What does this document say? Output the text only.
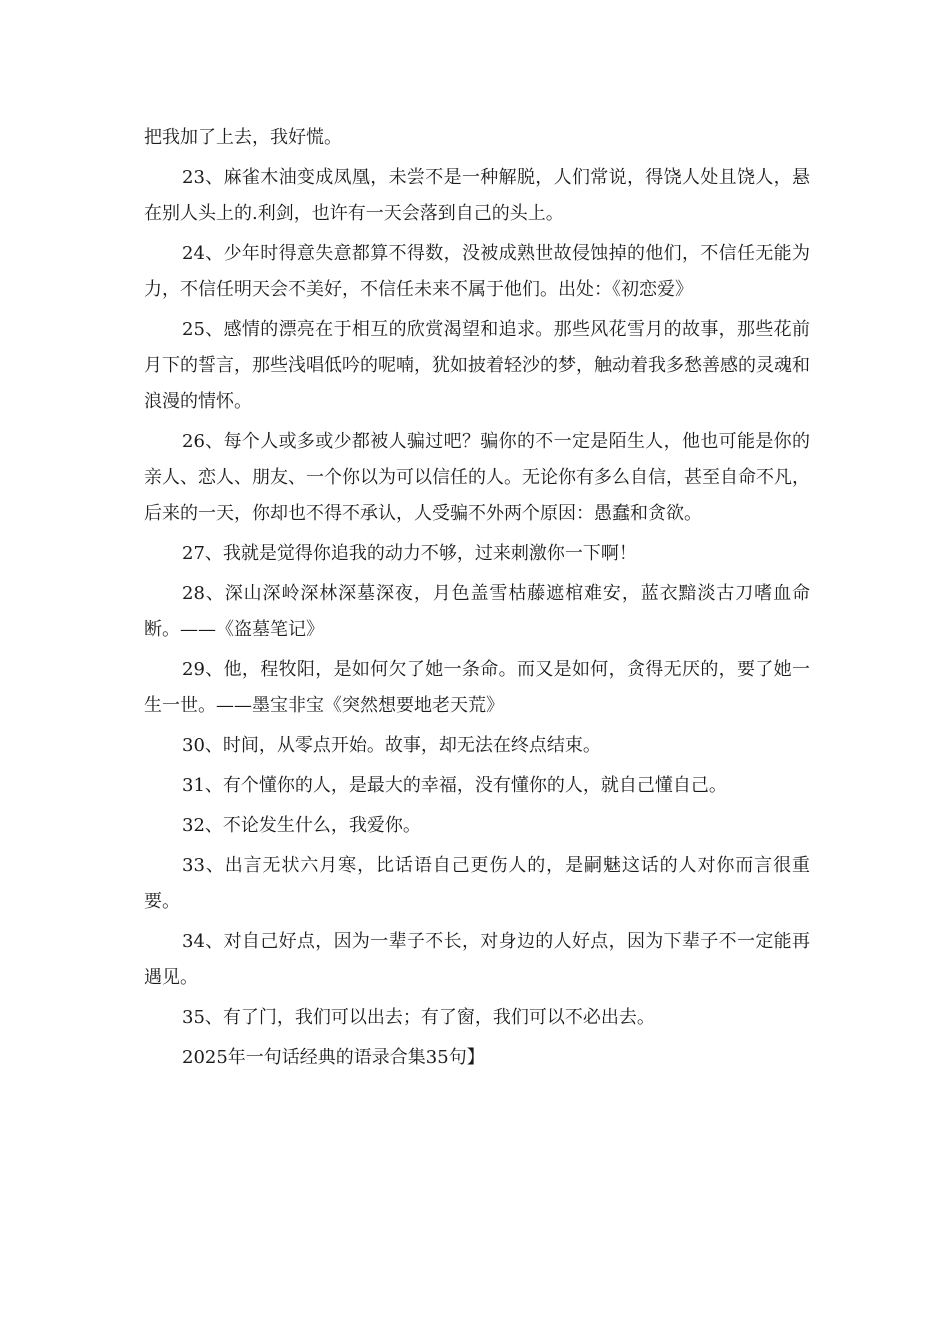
把我加了上去，我好慌。

23、麻雀木油变成凤凰，未尝不是一种解脱，人们常说，得饶人处且饶人，悬在别人头上的.利剑，也许有一天会落到自己的头上。

24、少年时得意失意都算不得数，没被成熟世故侵蚀掉的他们，不信任无能为力，不信任明天会不美好，不信任未来不属于他们。出处：《初恋爱》

25、感情的漂亮在于相互的欣赏渴望和追求。那些风花雪月的故事，那些花前月下的誓言，那些浅唱低吟的呢喃，犹如披着轻沙的梦，触动着我多愁善感的灵魂和浪漫的情怀。

26、每个人或多或少都被人骗过吧？骗你的不一定是陌生人，他也可能是你的亲人、恋人、朋友、一个你以为可以信任的人。无论你有多么自信，甚至自命不凡，后来的一天，你却也不得不承认，人受骗不外两个原因：愚蠢和贪欲。

27、我就是觉得你追我的动力不够，过来刺激你一下啊！

28、深山深岭深林深墓深夜，月色盖雪枯藤遮棺难安，蓝衣黯淡古刀嗜血命断。——《盗墓笔记》

29、他，程牧阳，是如何欠了她一条命。而又是如何，贪得无厌的，要了她一生一世。——墨宝非宝《突然想要地老天荒》

30、时间，从零点开始。故事，却无法在终点结束。

31、有个懂你的人，是最大的幸福，没有懂你的人，就自己懂自己。

32、不论发生什么，我爱你。

33、出言无状六月寒，比话语自己更伤人的，是嗣魅这话的人对你而言很重要。

34、对自己好点，因为一辈子不长，对身边的人好点，因为下辈子不一定能再遇见。

35、有了门，我们可以出去；有了窗，我们可以不必出去。

2025年一句话经典的语录合集35句】
